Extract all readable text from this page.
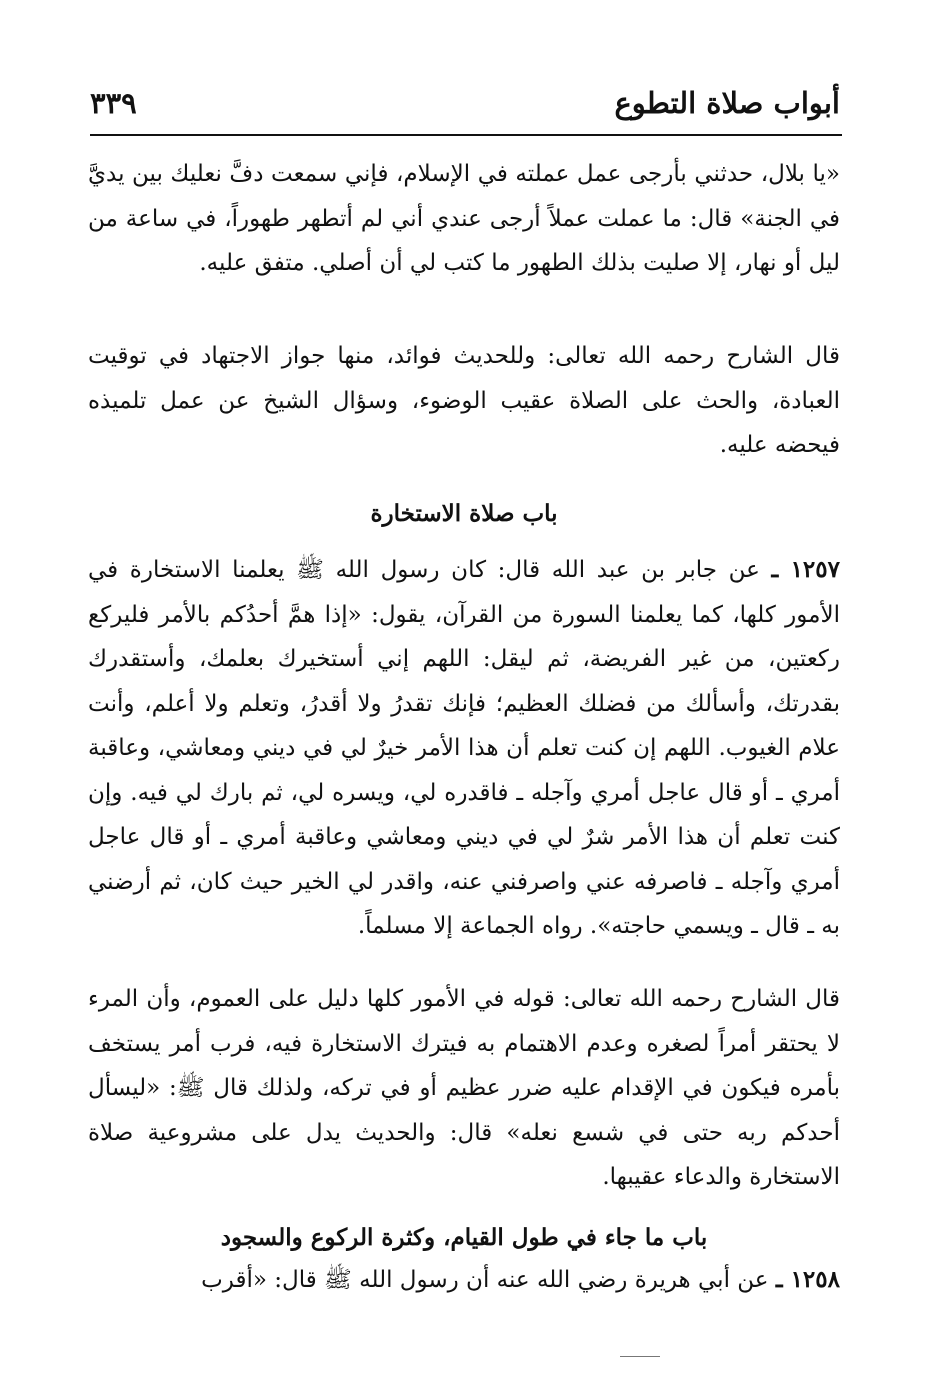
أبواب صلاة التطوع
٣٣٩

«يا بلال، حدثني بأرجى عمل عملته في الإسلام، فإني سمعت دفَّ نعليك بين يديَّ في الجنة» قال: ما عملت عملاً أرجى عندي أني لم أتطهر طهوراً، في ساعة من ليل أو نهار، إلا صليت بذلك الطهور ما كتب لي أن أصلي. متفق عليه.

قال الشارح رحمه الله تعالى: وللحديث فوائد، منها جواز الاجتهاد في توقيت العبادة، والحث على الصلاة عقيب الوضوء، وسؤال الشيخ عن عمل تلميذه فيحضه عليه.

باب صلاة الاستخارة

١٢٥٧ ـ عن جابر بن عبد الله قال: كان رسول الله ﷺ يعلمنا الاستخارة في الأمور كلها، كما يعلمنا السورة من القرآن، يقول: «إذا همَّ أحدُكم بالأمر فليركع ركعتين، من غير الفريضة، ثم ليقل: اللهم إني أستخيرك بعلمك، وأستقدرك بقدرتك، وأسألك من فضلك العظيم؛ فإنك تقدرُ ولا أقدرُ، وتعلم ولا أعلم، وأنت علام الغيوب. اللهم إن كنت تعلم أن هذا الأمر خيرٌ لي في ديني ومعاشي، وعاقبة أمري ـ أو قال عاجل أمري وآجله ـ فاقدره لي، ويسره لي، ثم بارك لي فيه. وإن كنت تعلم أن هذا الأمر شرٌ لي في ديني ومعاشي وعاقبة أمري ـ أو قال عاجل أمري وآجله ـ فاصرفه عني واصرفني عنه، واقدر لي الخير حيث كان، ثم أرضني به ـ قال ـ ويسمي حاجته». رواه الجماعة إلا مسلماً.

قال الشارح رحمه الله تعالى: قوله في الأمور كلها دليل على العموم، وأن المرء لا يحتقر أمراً لصغره وعدم الاهتمام به فيترك الاستخارة فيه، فرب أمر يستخف بأمره فيكون في الإقدام عليه ضرر عظيم أو في تركه، ولذلك قال ﷺ: «ليسأل أحدكم ربه حتى في شسع نعله» قال: والحديث يدل على مشروعية صلاة الاستخارة والدعاء عقيبها.

باب ما جاء في طول القيام، وكثرة الركوع والسجود

١٢٥٨ ـ عن أبي هريرة رضي الله عنه أن رسول الله ﷺ قال: «أقرب
